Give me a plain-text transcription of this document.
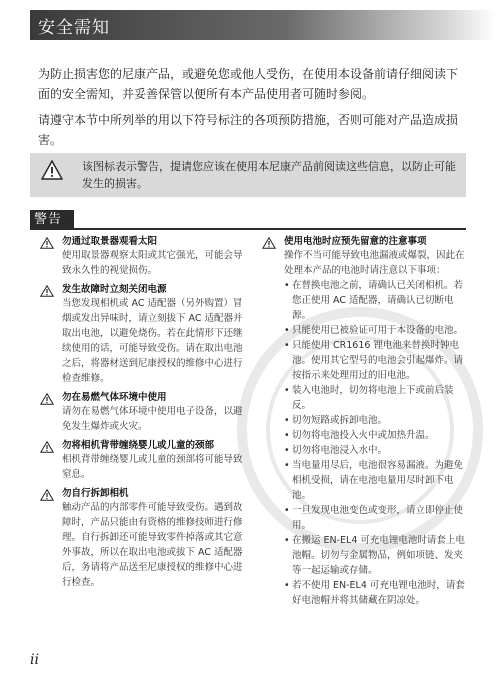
安全需知
为防止损害您的尼康产品，或避免您或他人受伤，在使用本设备前请仔细阅读下面的安全需知，并妥善保管以便所有本产品使用者可随时参阅。
请遵守本节中所列举的用以下符号标注的各项预防措施，否则可能对产品造成损害。
该图标表示警告，提请您应该在使用本尼康产品前阅读这些信息，以防止可能发生的损害。
警告
勿通过取景器观看太阳
使用取景器观察太阳或其它强光，可能会导致永久性的视觉损伤。
发生故障时立刻关闭电源
当您发现相机或 AC 适配器（另外购置）冒烟或发出异味时，请立刻拔下 AC 适配器并取出电池，以避免烧伤。若在此情形下还继续使用的话，可能导致受伤。请在取出电池之后，将器材送到尼康授权的维修中心进行检查维修。
勿在易燃气体环境中使用
请勿在易燃气体环境中使用电子设备，以避免发生爆炸或火灾。
勿将相机背带缠绕婴儿或儿童的颈部
相机背带缠绕婴儿或儿童的颈部将可能导致窒息。
勿自行拆卸相机
触动产品的内部零件可能导致受伤。遇到故障时，产品只能由有资格的维修技师进行修理。自行拆卸还可能导致零件掉落或其它意外事故，所以在取出电池或拔下 AC 适配器后，务请将产品送至尼康授权的维修中心进行检查。
使用电池时应预先留意的注意事项
操作不当可能导致电池漏液或爆裂，因此在处理本产品的电池时请注意以下事项：
• 在替换电池之前，请确认已关闭相机。若您正使用 AC 适配器，请确认已切断电源。
• 只能使用已被验证可用于本设备的电池。
• 只能使用 CR1616 锂电池来替换时钟电池。使用其它型号的电池会引起爆炸。请按指示来处理用过的旧电池。
• 装入电池时，切勿将电池上下或前后装反。
• 切勿短路或拆卸电池。
• 切勿将电池投入火中或加热升温。
• 切勿将电池浸入水中。
• 当电量用尽后，电池很容易漏液。为避免相机受损，请在电池电量用尽时卸下电池。
• 一旦发现电池变色或变形，请立即停止使用。
• 在搬运 EN-EL4 可充电锂电池时请套上电池帽。切勿与金属物品，例如项链、发夹等一起运输或存储。
• 若不使用 EN-EL4 可充电锂电池时，请套好电池帽并将其储藏在阴凉处。
ii
